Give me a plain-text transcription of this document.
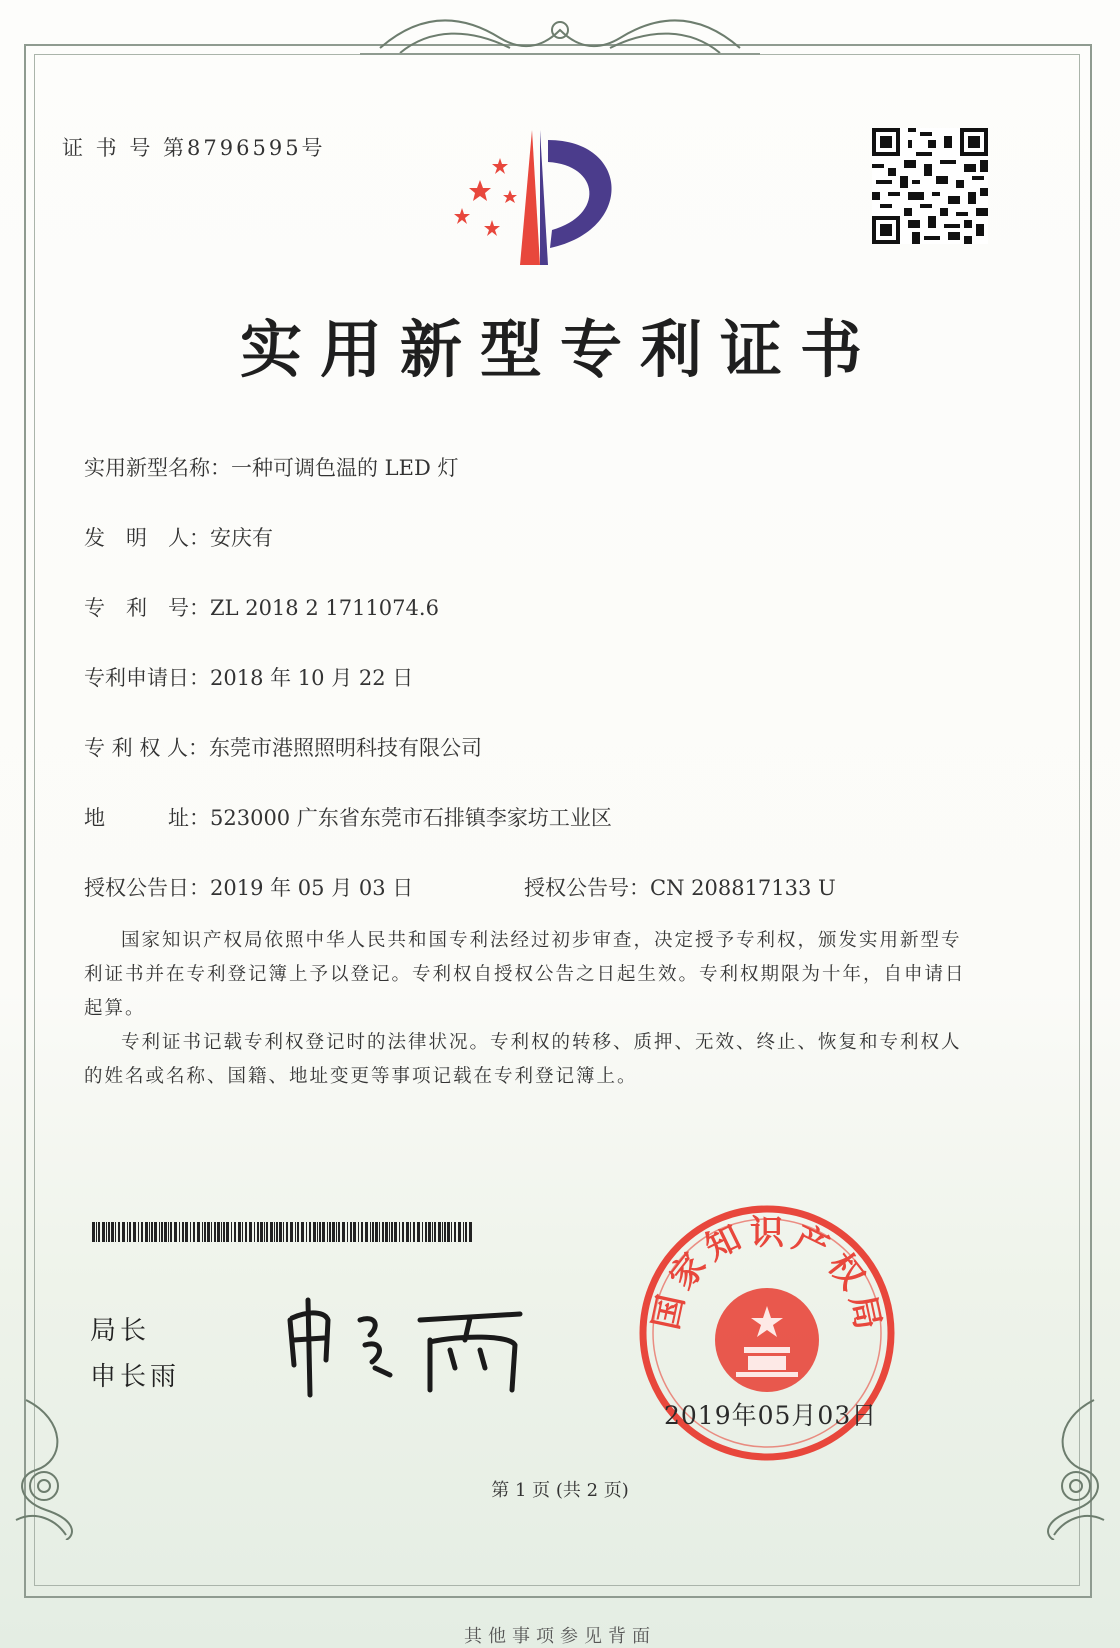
证 书 号 第8796595号
实用新型专利证书
实用新型名称：一种可调色温的 LED 灯
发　明　人：安庆有
专　利　号：ZL 2018 2 1711074.6
专利申请日：2018 年 10 月 22 日
专 利 权 人：东莞市港照照明科技有限公司
地　　　址：523000 广东省东莞市石排镇李家坊工业区
授权公告日：2019 年 05 月 03 日	授权公告号：CN 208817133 U
国家知识产权局依照中华人民共和国专利法经过初步审查，决定授予专利权，颁发实用新型专利证书并在专利登记簿上予以登记。专利权自授权公告之日起生效。专利权期限为十年，自申请日起算。
专利证书记载专利权登记时的法律状况。专利权的转移、质押、无效、终止、恢复和专利权人的姓名或名称、国籍、地址变更等事项记载在专利登记簿上。
局长
申长雨
国
家
知 识 产
权
局
2019年05月03日
第 1 页 (共 2 页)
其他事项参见背面
